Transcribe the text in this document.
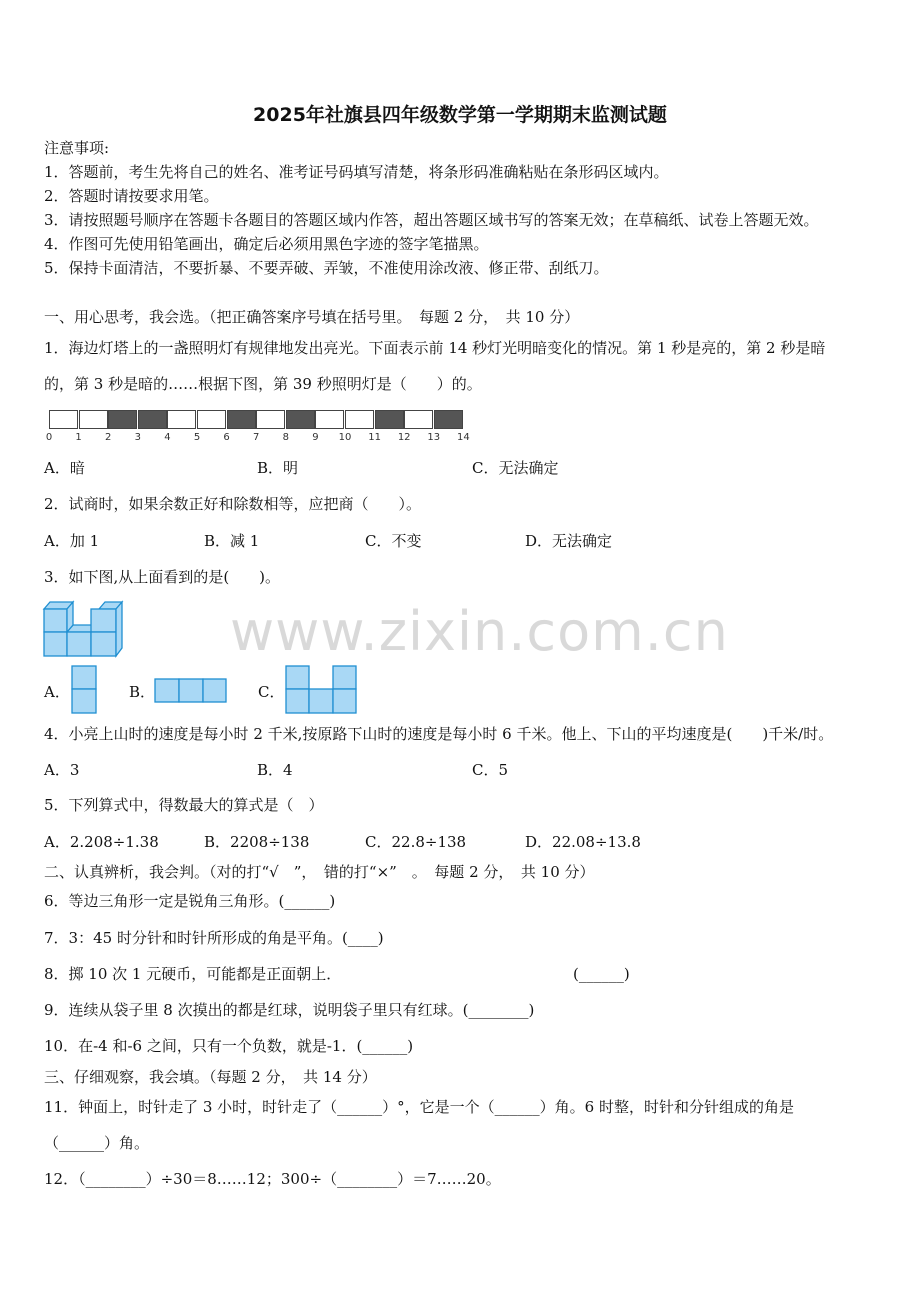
www.zixin.com.cn
2025年社旗县四年级数学第一学期期末监测试题
注意事项:
1．答题前，考生先将自己的姓名、准考证号码填写清楚，将条形码准确粘贴在条形码区域内。
2．答题时请按要求用笔。
3．请按照题号顺序在答题卡各题目的答题区域内作答，超出答题区域书写的答案无效；在草稿纸、试卷上答题无效。
4．作图可先使用铅笔画出，确定后必须用黑色字迹的签字笔描黑。
5．保持卡面清洁，不要折暴、不要弄破、弄皱，不准使用涂改液、修正带、刮纸刀。
一、用心思考，我会选。（把正确答案序号填在括号里。　每题 2 分，　共 10 分）
1．海边灯塔上的一盏照明灯有规律地发出亮光。下面表示前 14 秒灯光明暗变化的情况。第 1 秒是亮的，第 2 秒是暗
的，第 3 秒是暗的……根据下图，第 39 秒照明灯是（　　）的。
0 1 2 3 4 5 6 7 8 9 10 11 12 13 14
A．暗	B．明	C．无法确定
2．试商时，如果余数正好和除数相等，应把商（　　）。
A．加 1	B．减 1	C．不变	D．无法确定
3．如下图,从上面看到的是(　　)。
A．	B．	C．
4．小亮上山时的速度是每小时 2 千米,按原路下山时的速度是每小时 6 千米。他上、下山的平均速度是(　　)千米/时。
A．3	B．4	C．5
5．下列算式中，得数最大的算式是（　）
A．2.208÷1.38	B．2208÷138	C．22.8÷138	D．22.08÷13.8
二、认真辨析，我会判。（对的打“√　”，　错的打“×”　。　每题 2 分，　共 10 分）
6．等边三角形一定是锐角三角形。(______)
7．3：45 时分针和时针所形成的角是平角。(____)
8．掷 10 次 1 元硬币，可能都是正面朝上．	(______)
9．连续从袋子里 8 次摸出的都是红球，说明袋子里只有红球。(________)
10．在-4 和-6 之间，只有一个负数，就是-1．(______)
三、仔细观察，我会填。（每题 2 分，　共 14 分）
11．钟面上，时针走了 3 小时，时针走了（______）°，它是一个（______）角。6 时整，时针和分针组成的角是
（______）角。
12．（________）÷30＝8……12；300÷（________）＝7……20。
